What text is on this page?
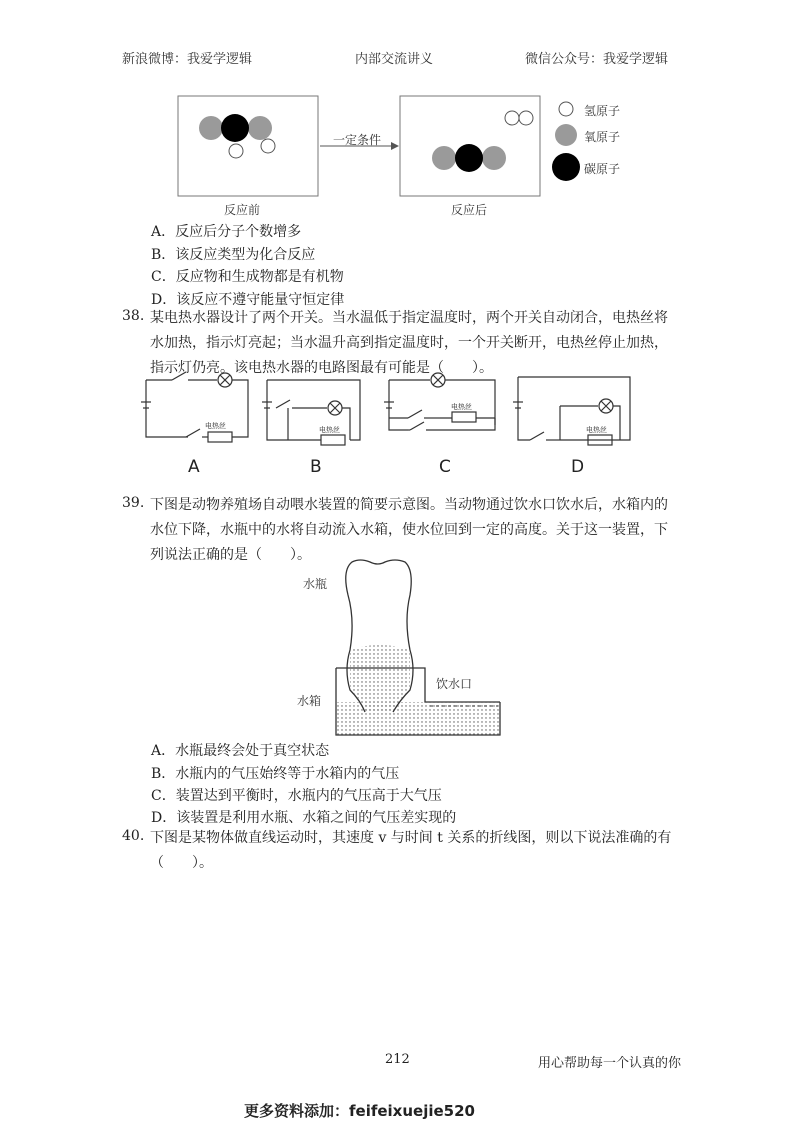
新浪微博：我爱学逻辑	内部交流讲义	微信公众号：我爱学逻辑
一定条件
反应前	反应后
氢原子
氧原子
碳原子
A．反应后分子个数增多
B．该反应类型为化合反应
C．反应物和生成物都是有机物
D．该反应不遵守能量守恒定律
38. 某电热水器设计了两个开关。当水温低于指定温度时，两个开关自动闭合，电热丝将
水加热，指示灯亮起；当水温升高到指定温度时，一个开关断开，电热丝停止加热，
指示灯仍亮。该电热水器的电路图最有可能是（　　）。
电热丝	电热丝
电热丝
电热丝
A	B	C	D
39. 下图是动物养殖场自动喂水装置的简要示意图。当动物通过饮水口饮水后，水箱内的
水位下降，水瓶中的水将自动流入水箱，使水位回到一定的高度。关于这一装置，下
列说法正确的是（　　）。
水瓶
水箱
饮水口
A．水瓶最终会处于真空状态
B．水瓶内的气压始终等于水箱内的气压
C．装置达到平衡时，水瓶内的气压高于大气压
D．该装置是利用水瓶、水箱之间的气压差实现的
40. 下图是某物体做直线运动时，其速度 v 与时间 t 关系的折线图，则以下说法准确的有
（　　）。
212	用心帮助每一个认真的你
更多资料添加：feifeixuejie520
